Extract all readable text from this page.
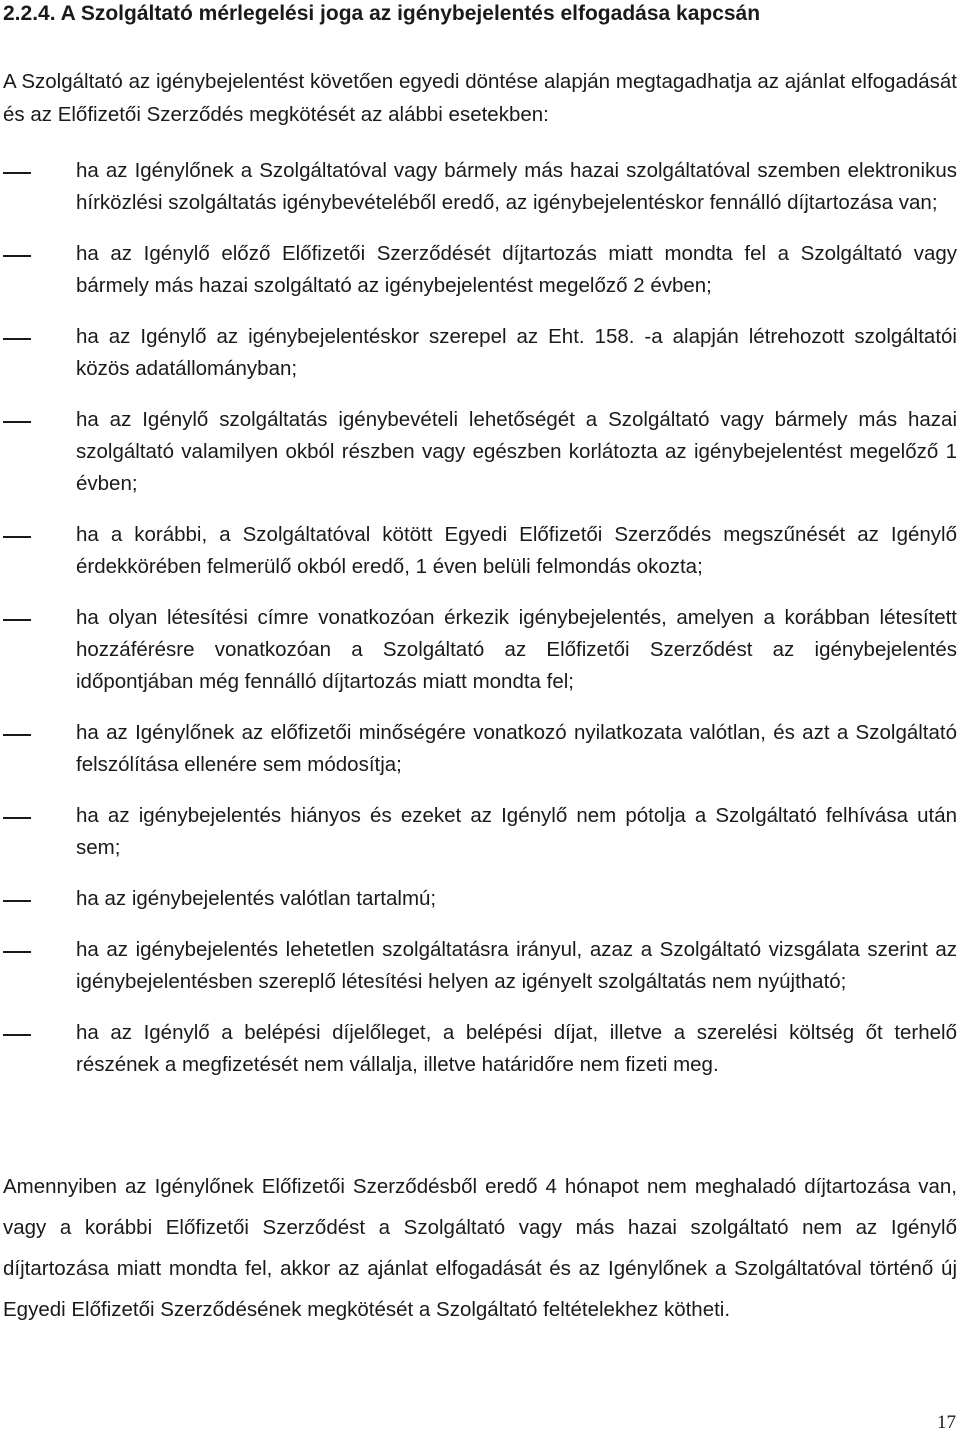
2.2.4. A Szolgáltató mérlegelési joga az igénybejelentés elfogadása kapcsán

A Szolgáltató az igénybejelentést követően egyedi döntése alapján megtagadhatja az ajánlat elfogadását és az Előfizetői Szerződés megkötését az alábbi esetekben:

ha az Igénylőnek a Szolgáltatóval vagy bármely más hazai szolgáltatóval szemben elektronikus hírközlési szolgáltatás igénybevételéből eredő, az igénybejelentéskor fennálló díjtartozása van;
ha az Igénylő előző Előfizetői Szerződését díjtartozás miatt mondta fel a Szolgáltató vagy bármely más hazai szolgáltató az igénybejelentést megelőző 2 évben;
ha az Igénylő az igénybejelentéskor szerepel az Eht. 158. -a alapján létrehozott szolgáltatói közös adatállományban;
ha az Igénylő szolgáltatás igénybevételi lehetőségét a Szolgáltató vagy bármely más hazai szolgáltató valamilyen okból részben vagy egészben korlátozta az igénybejelentést megelőző 1 évben;
ha a korábbi, a Szolgáltatóval kötött Egyedi Előfizetői Szerződés megszűnését az Igénylő érdekkörében felmerülő okból eredő, 1 éven belüli felmondás okozta;
ha olyan létesítési címre vonatkozóan érkezik igénybejelentés, amelyen a korábban létesített hozzáférésre vonatkozóan a Szolgáltató az Előfizetői Szerződést az igénybejelentés időpontjában még fennálló díjtartozás miatt mondta fel;
ha az Igénylőnek az előfizetői minőségére vonatkozó nyilatkozata valótlan, és azt a Szolgáltató felszólítása ellenére sem módosítja;
ha az igénybejelentés hiányos és ezeket az Igénylő nem pótolja a Szolgáltató felhívása után sem;
ha az igénybejelentés valótlan tartalmú;
ha az igénybejelentés lehetetlen szolgáltatásra irányul, azaz a Szolgáltató vizsgálata szerint az igénybejelentésben szereplő létesítési helyen az igényelt szolgáltatás nem nyújtható;
ha az Igénylő a belépési díjelőleget, a belépési díjat, illetve a szerelési költség őt terhelő részének a megfizetését nem vállalja, illetve határidőre nem fizeti meg.

Amennyiben az Igénylőnek Előfizetői Szerződésből eredő 4 hónapot nem meghaladó díjtartozása van, vagy a korábbi Előfizetői Szerződést a Szolgáltató vagy más hazai szolgáltató nem az Igénylő díjtartozása miatt mondta fel, akkor az ajánlat elfogadását és az Igénylőnek a Szolgáltatóval történő új Egyedi Előfizetői Szerződésének megkötését a Szolgáltató feltételekhez kötheti.

17
